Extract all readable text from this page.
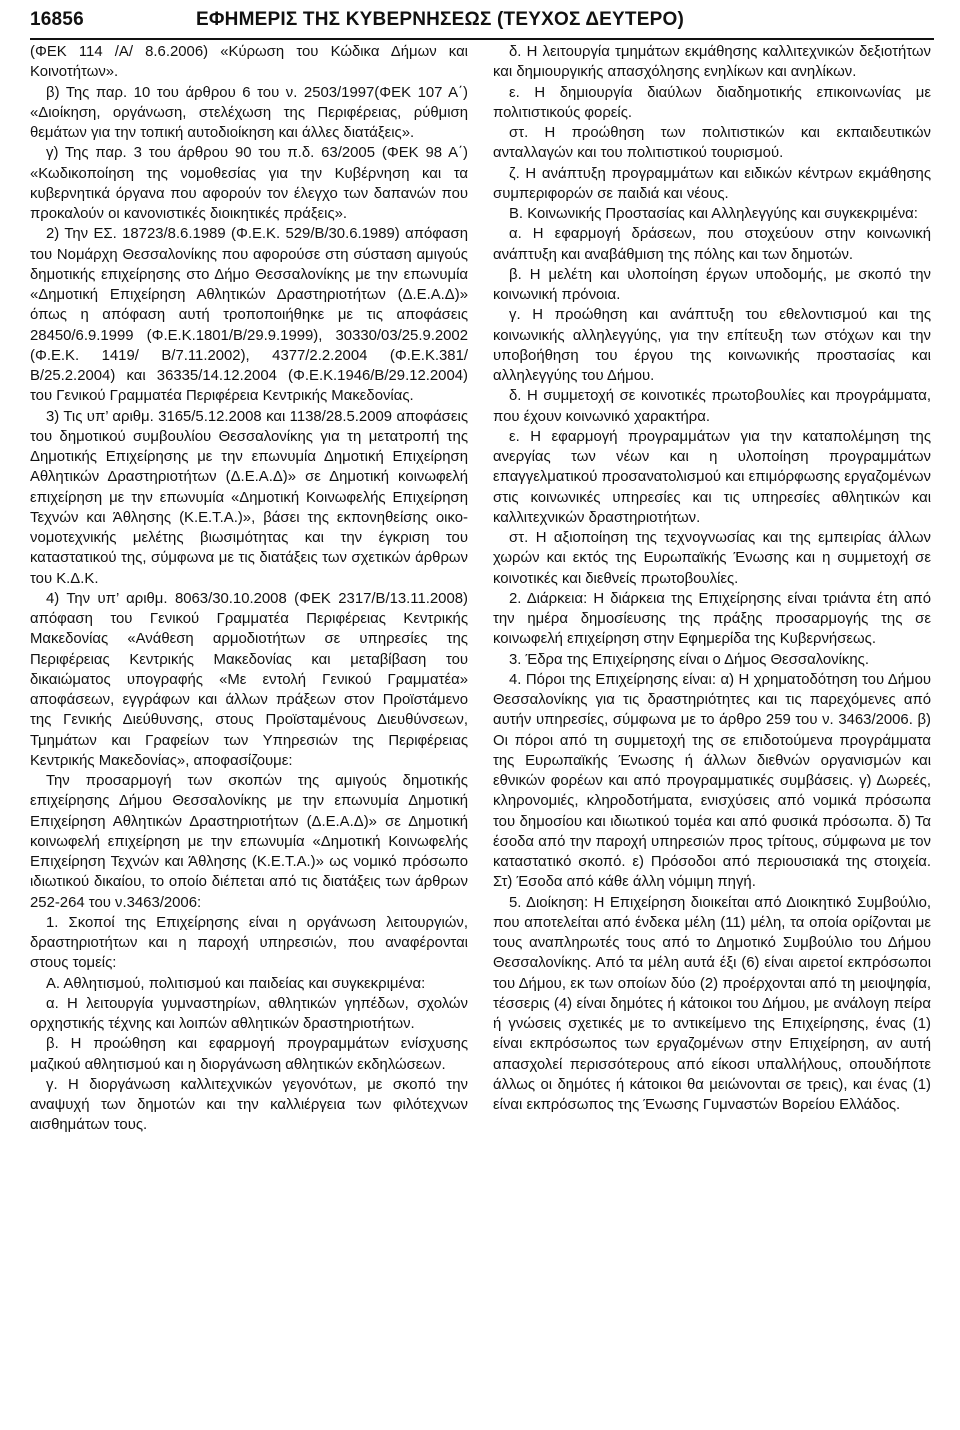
16856	ΕΦΗΜΕΡΙΣ ΤΗΣ ΚΥΒΕΡΝΗΣΕΩΣ (ΤΕΥΧΟΣ ΔΕΥΤΕΡΟ)

(ΦΕΚ 114 /Α/ 8.6.2006) «Κύρωση του Κώδικα Δήμων και Κοινοτήτων».

β) Της παρ. 10 του άρθρου 6 του ν. 2503/1997(ΦΕΚ 107 Α΄) «Διοίκηση, οργάνωση, στελέχωση της Περιφέρειας, ρύθμιση θεμάτων για την τοπική αυτοδιοίκηση και άλλες διατάξεις».

γ) Της παρ. 3 του άρθρου 90 του π.δ. 63/2005 (ΦΕΚ 98 Α΄) «Κωδικοποίηση της νομοθεσίας για την Κυβέρνηση και τα κυβερνητικά όργανα που αφορούν τον έλεγχο των δαπανών που προκαλούν οι κανονιστικές διοικητικές πράξεις».

2) Την ΕΣ. 18723/8.6.1989 (Φ.Ε.Κ. 529/Β/30.6.1989) απόφαση του Νομάρχη Θεσσαλονίκης που αφορούσε στη σύσταση αμιγούς δημοτικής επιχείρησης στο Δήμο Θεσσαλονίκης με την επωνυμία «Δημοτική Επιχείρηση Αθλητικών Δραστηριοτήτων (Δ.Ε.Α.Δ)» όπως η απόφαση αυτή τροποποιήθηκε με τις αποφάσεις 28450/6.9.1999 (Φ.Ε.Κ.1801/Β/29.9.1999), 30330/03/25.9.2002 (Φ.Ε.Κ. 1419/ Β/7.11.2002), 4377/2.2.2004 (Φ.Ε.Κ.381/Β/25.2.2004) και 36335/14.12.2004 (Φ.Ε.Κ.1946/Β/29.12.2004) του Γενικού Γραμματέα Περιφέρεια Κεντρικής Μακεδονίας.

3) Τις υπ’ αριθμ. 3165/5.12.2008 και 1138/28.5.2009 αποφάσεις του δημοτικού συμβουλίου Θεσσαλονίκης για τη μετατροπή της Δημοτικής Επιχείρησης με την επωνυμία Δημοτική Επιχείρηση Αθλητικών Δραστηριοτήτων (Δ.Ε.Α.Δ)» σε Δημοτική κοινωφελή επιχείρηση με την επωνυμία «Δημοτική Κοινωφελής Επιχείρηση Τεχνών και Άθλησης (Κ.Ε.Τ.Α.)», βάσει της εκπονηθείσης οικονομοτεχνικής μελέτης βιωσιμότητας και την έγκριση του καταστατικού της, σύμφωνα με τις διατάξεις των σχετικών άρθρων του Κ.Δ.Κ.

4) Την υπ’ αριθμ. 8063/30.10.2008 (ΦΕΚ 2317/Β/13.11.2008) απόφαση του Γενικού Γραμματέα Περιφέρειας Κεντρικής Μακεδονίας «Ανάθεση αρμοδιοτήτων σε υπηρεσίες της Περιφέρειας Κεντρικής Μακεδονίας και μεταβίβαση του δικαιώματος υπογραφής «Με εντολή Γενικού Γραμματέα» αποφάσεων, εγγράφων και άλλων πράξεων στον Προϊστάμενο της Γενικής Διεύθυνσης, στους Προϊσταμένους Διευθύνσεων, Τμημάτων και Γραφείων των Υπηρεσιών της Περιφέρειας Κεντρικής Μακεδονίας», αποφασίζουμε:

Την προσαρμογή των σκοπών της αμιγούς δημοτικής επιχείρησης Δήμου Θεσσαλονίκης με την επωνυμία Δημοτική Επιχείρηση Αθλητικών Δραστηριοτήτων (Δ.Ε.Α.Δ)» σε Δημοτική κοινωφελή επιχείρηση με την επωνυμία «Δημοτική Κοινωφελής Επιχείρηση Τεχνών και Άθλησης (Κ.Ε.Τ.Α.)» ως νομικό πρόσωπο ιδιωτικού δικαίου, το οποίο διέπεται από τις διατάξεις των άρθρων 252-264 του ν.3463/2006:

1. Σκοποί της Επιχείρησης είναι η οργάνωση λειτουργιών, δραστηριοτήτων και η παροχή υπηρεσιών, που αναφέρονται στους τομείς:

Α. Αθλητισμού, πολιτισμού και παιδείας και συγκεκριμένα:

α. Η λειτουργία γυμναστηρίων, αθλητικών γηπέδων, σχολών ορχηστικής τέχνης και λοιπών αθλητικών δραστηριοτήτων.

β. Η προώθηση και εφαρμογή προγραμμάτων ενίσχυσης μαζικού αθλητισμού και η διοργάνωση αθλητικών εκδηλώσεων.

γ. Η διοργάνωση καλλιτεχνικών γεγονότων, με σκοπό την αναψυχή των δημοτών και την καλλιέργεια των φιλότεχνων αισθημάτων τους.

δ. Η λειτουργία τμημάτων εκμάθησης καλλιτεχνικών δεξιοτήτων και δημιουργικής απασχόλησης ενηλίκων και ανηλίκων.

ε. Η δημιουργία διαύλων διαδημοτικής επικοινωνίας με πολιτιστικούς φορείς.

στ. Η προώθηση των πολιτιστικών και εκπαιδευτικών ανταλλαγών και του πολιτιστικού τουρισμού.

ζ. Η ανάπτυξη προγραμμάτων και ειδικών κέντρων εκμάθησης συμπεριφορών σε παιδιά και νέους.

Β. Κοινωνικής Προστασίας και Αλληλεγγύης και συγκεκριμένα:

α. Η εφαρμογή δράσεων, που στοχεύουν στην κοινωνική ανάπτυξη και αναβάθμιση της πόλης και των δημοτών.

β. Η μελέτη και υλοποίηση έργων υποδομής, με σκοπό την κοινωνική πρόνοια.

γ. Η προώθηση και ανάπτυξη του εθελοντισμού και της κοινωνικής αλληλεγγύης, για την επίτευξη των στόχων και την υποβοήθηση του έργου της κοινωνικής προστασίας και αλληλεγγύης του Δήμου.

δ. Η συμμετοχή σε κοινοτικές πρωτοβουλίες και προγράμματα, που έχουν κοινωνικό χαρακτήρα.

ε. Η εφαρμογή προγραμμάτων για την καταπολέμηση της ανεργίας των νέων και η υλοποίηση προγραμμάτων επαγγελματικού προσανατολισμού και επιμόρφωσης εργαζομένων στις κοινωνικές υπηρεσίες και τις υπηρεσίες αθλητικών και καλλιτεχνικών δραστηριοτήτων.

στ. Η αξιοποίηση της τεχνογνωσίας και της εμπειρίας άλλων χωρών και εκτός της Ευρωπαϊκής Ένωσης και η συμμετοχή σε κοινοτικές και διεθνείς πρωτοβουλίες.

2. Διάρκεια: Η διάρκεια της Επιχείρησης είναι τριάντα έτη από την ημέρα δημοσίευσης της πράξης προσαρμογής της σε κοινωφελή επιχείρηση στην Εφημερίδα της Κυβερνήσεως.

3. Έδρα της Επιχείρησης είναι ο Δήμος Θεσσαλονίκης.

4. Πόροι της Επιχείρησης είναι: α) Η χρηματοδότηση του Δήμου Θεσσαλονίκης για τις δραστηριότητες και τις παρεχόμενες από αυτήν υπηρεσίες, σύμφωνα με το άρθρο 259 του ν. 3463/2006. β) Οι πόροι από τη συμμετοχή της σε επιδοτούμενα προγράμματα της Ευρωπαϊκής Ένωσης ή άλλων διεθνών οργανισμών και εθνικών φορέων και από προγραμματικές συμβάσεις. γ) Δωρεές, κληρονομιές, κληροδοτήματα, ενισχύσεις από νομικά πρόσωπα του δημοσίου και ιδιωτικού τομέα και από φυσικά πρόσωπα. δ) Τα έσοδα από την παροχή υπηρεσιών προς τρίτους, σύμφωνα με τον καταστατικό σκοπό. ε) Πρόσοδοι από περιουσιακά της στοιχεία. Στ) Έσοδα από κάθε άλλη νόμιμη πηγή.

5. Διοίκηση: Η Επιχείρηση διοικείται από Διοικητικό Συμβούλιο, που αποτελείται από ένδεκα μέλη (11) μέλη, τα οποία ορίζονται με τους αναπληρωτές τους από το Δημοτικό Συμβούλιο του Δήμου Θεσσαλονίκης. Από τα μέλη αυτά έξι (6) είναι αιρετοί εκπρόσωποι του Δήμου, εκ των οποίων δύο (2) προέρχονται από τη μειοψηφία, τέσσερις (4) είναι δημότες ή κάτοικοι του Δήμου, με ανάλογη πείρα ή γνώσεις σχετικές με το αντικείμενο της Επιχείρησης, ένας (1) είναι εκπρόσωπος των εργαζομένων στην Επιχείρηση, αν αυτή απασχολεί περισσότερους από είκοσι υπαλλήλους, οπουδήποτε άλλως οι δημότες ή κάτοικοι θα μειώνονται σε τρεις), και ένας (1) είναι εκπρόσωπος της Ένωσης Γυμναστών Βορείου Ελλάδος.
